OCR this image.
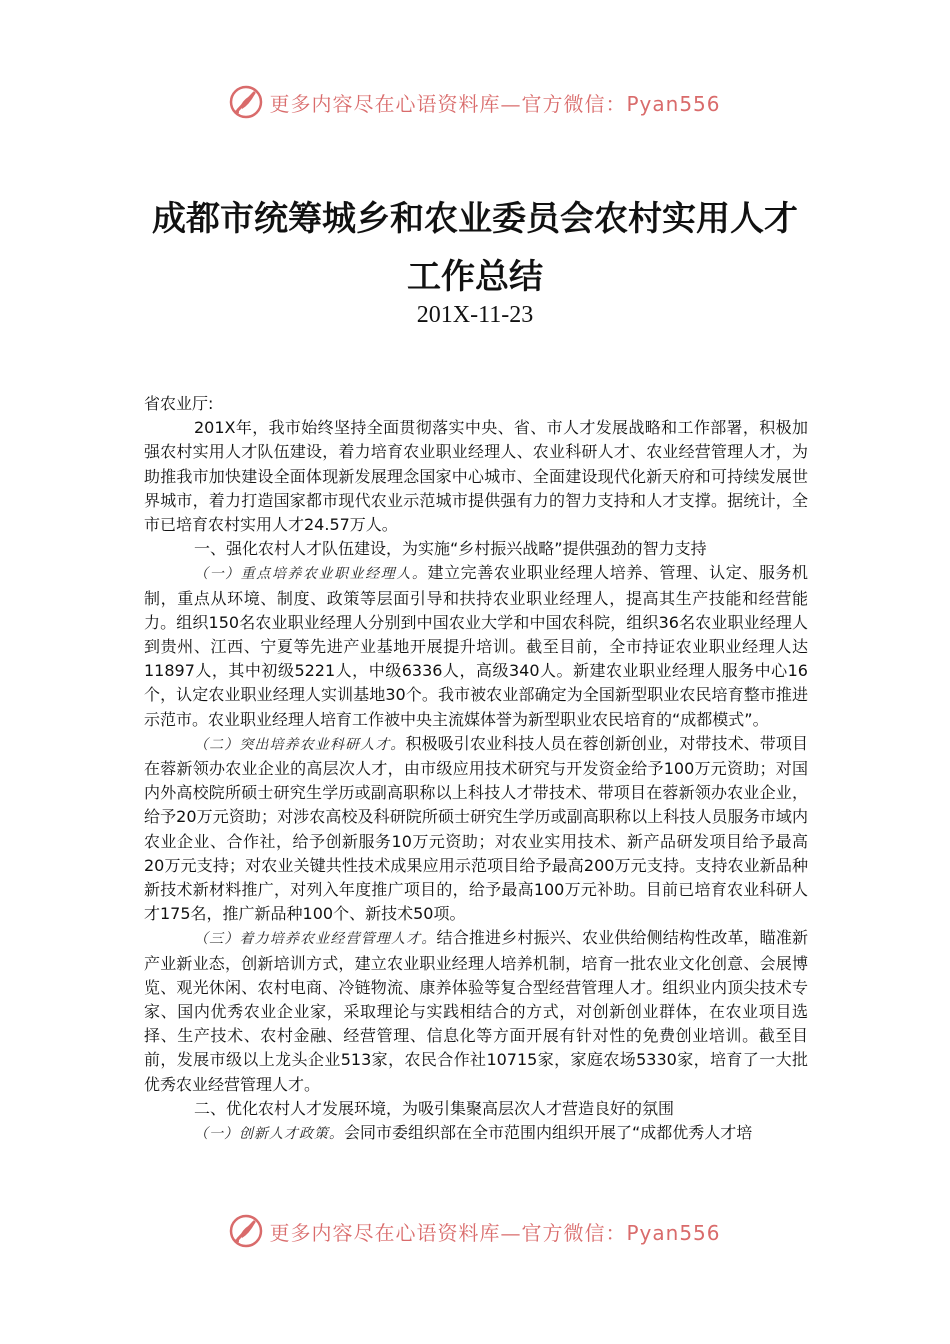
更多内容尽在心语资料库—官方微信：Pyan556
成都市统筹城乡和农业委员会农村实用人才工作总结
201X-11-23

省农业厅:

201X年，我市始终坚持全面贯彻落实中央、省、市人才发展战略和工作部署，积极加强农村实用人才队伍建设，着力培育农业职业经理人、农业科研人才、农业经营管理人才，为助推我市加快建设全面体现新发展理念国家中心城市、全面建设现代化新天府和可持续发展世界城市，着力打造国家都市现代农业示范城市提供强有力的智力支持和人才支撑。据统计，全市已培育农村实用人才24.57万人。

一、强化农村人才队伍建设，为实施“乡村振兴战略”提供强劲的智力支持

（一）重点培养农业职业经理人。建立完善农业职业经理人培养、管理、认定、服务机制，重点从环境、制度、政策等层面引导和扶持农业职业经理人，提高其生产技能和经营能力。组织150名农业职业经理人分别到中国农业大学和中国农科院，组织36名农业职业经理人到贵州、江西、宁夏等先进产业基地开展提升培训。截至目前，全市持证农业职业经理人达11897人，其中初级5221人，中级6336人，高级340人。新建农业职业经理人服务中心16个，认定农业职业经理人实训基地30个。我市被农业部确定为全国新型职业农民培育整市推进示范市。农业职业经理人培育工作被中央主流媒体誉为新型职业农民培育的“成都模式”。

（二）突出培养农业科研人才。积极吸引农业科技人员在蓉创新创业，对带技术、带项目在蓉新领办农业企业的高层次人才，由市级应用技术研究与开发资金给予100万元资助；对国内外高校院所硕士研究生学历或副高职称以上科技人才带技术、带项目在蓉新领办农业企业，给予20万元资助；对涉农高校及科研院所硕士研究生学历或副高职称以上科技人员服务市域内农业企业、合作社，给予创新服务10万元资助；对农业实用技术、新产品研发项目给予最高20万元支持；对农业关键共性技术成果应用示范项目给予最高200万元支持。支持农业新品种新技术新材料推广，对列入年度推广项目的，给予最高100万元补助。目前已培育农业科研人才175名，推广新品种100个、新技术50项。

（三）着力培养农业经营管理人才。结合推进乡村振兴、农业供给侧结构性改革，瞄准新产业新业态，创新培训方式，建立农业职业经理人培养机制，培育一批农业文化创意、会展博览、观光休闲、农村电商、冷链物流、康养体验等复合型经营管理人才。组织业内顶尖技术专家、国内优秀农业企业家，采取理论与实践相结合的方式，对创新创业群体，在农业项目选择、生产技术、农村金融、经营管理、信息化等方面开展有针对性的免费创业培训。截至目前，发展市级以上龙头企业513家，农民合作社10715家，家庭农场5330家，培育了一大批优秀农业经营管理人才。

二、优化农村人才发展环境，为吸引集聚高层次人才营造良好的氛围

（一）创新人才政策。会同市委组织部在全市范围内组织开展了“成都优秀人才培

更多内容尽在心语资料库—官方微信：Pyan556
